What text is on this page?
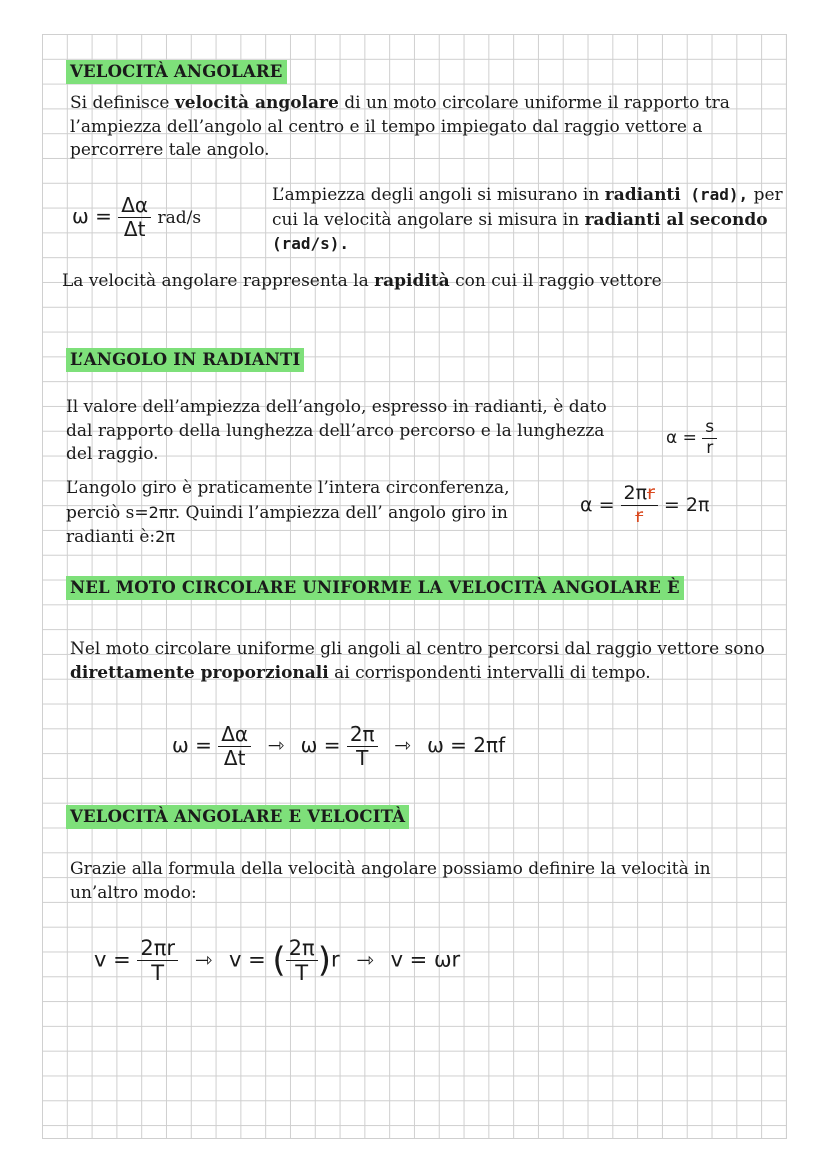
VELOCITÀ ANGOLARE
Si definisce velocità angolare di un moto circolare uniforme il rapporto tra l’ampiezza dell’angolo al centro e il tempo impiegato dal raggio vettore a percorrere tale angolo.
$\omega = \frac{\Delta\alpha}{\Delta t} rad/s$
L’ampiezza degli angoli si misurano in radianti (rad), per cui la velocità angolare si misura in radianti al secondo (rad/s).
La velocità angolare rappresenta la rapidità con cui il raggio vettore
L’ANGOLO IN RADIANTI
Il valore dell’ampiezza dell’angolo, espresso in radianti, è dato dal rapporto della lunghezza dell’arco percorso e la lunghezza del raggio.
$\alpha = \frac{s}{r}$
L’angolo giro è praticamente l’intera circonferenza, perciò s=2πr. Quindi l’ampiezza dell’ angolo giro in radianti è:2π
$\alpha = \frac{2\pi r}{r} = 2\pi$
NEL MOTO CIRCOLARE UNIFORME LA VELOCITÀ ANGOLARE È
Nel moto circolare uniforme gli angoli al centro percorsi dal raggio vettore sono direttamente proporzionali ai corrispondenti intervalli di tempo.
$\omega = \frac{\Delta\alpha}{\Delta t}$ ⇾ $\omega = \frac{2\pi}{T}$ ⇾ ω = 2πf
VELOCITÀ ANGOLARE E VELOCITÀ
Grazie alla formula della velocità angolare possiamo definire la velocità in un’altro modo:
$v = \frac{2\pi r}{T}$ ⇾ v = ( $\frac{2\pi}{T} )r$ ⇾ v = ωr
